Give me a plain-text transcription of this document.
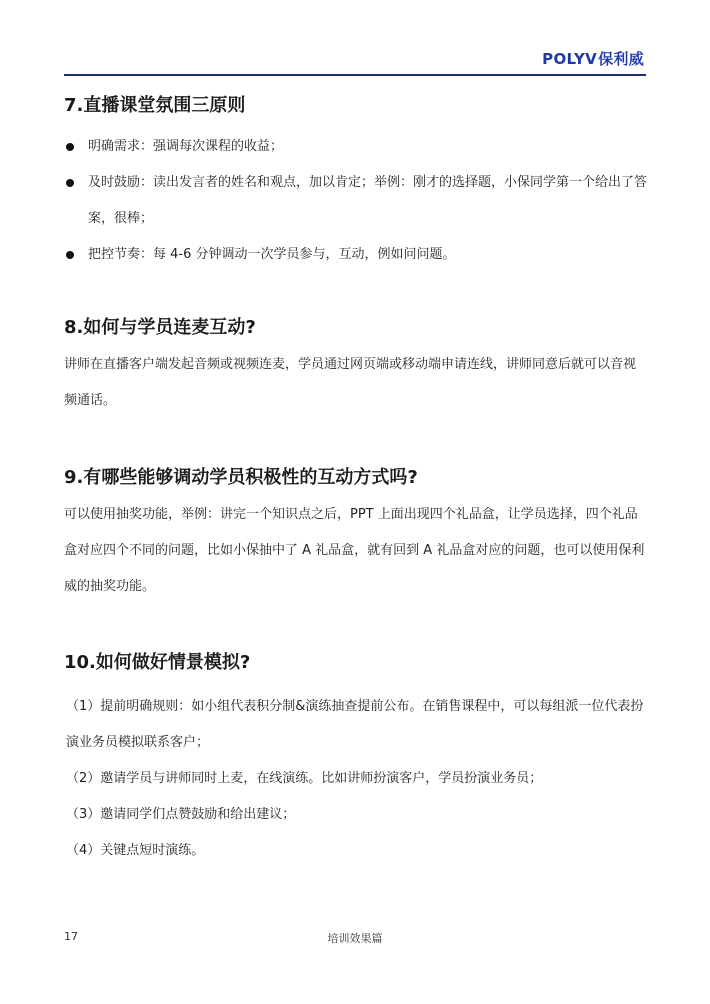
POLYV 保利威
7.直播课堂氛围三原则
明确需求：强调每次课程的收益；
及时鼓励：读出发言者的姓名和观点，加以肯定；举例：刚才的选择题，小保同学第一个给出了答案，很棒；
把控节奏：每 4-6 分钟调动一次学员参与，互动，例如问问题。
8.如何与学员连麦互动?

讲师在直播客户端发起音频或视频连麦，学员通过网页端或移动端申请连线，讲师同意后就可以音视频通话。

9.有哪些能够调动学员积极性的互动方式吗?

可以使用抽奖功能，举例：讲完一个知识点之后，PPT 上面出现四个礼品盒，让学员选择，四个礼品盒对应四个不同的问题，比如小保抽中了 A 礼品盒，就有回到 A 礼品盒对应的问题，也可以使用保利威的抽奖功能。

10.如何做好情景模拟?
（1）提前明确规则：如小组代表积分制&演练抽查提前公布。在销售课程中，可以每组派一位代表扮演业务员模拟联系客户；
（2）邀请学员与讲师同时上麦，在线演练。比如讲师扮演客户，学员扮演业务员；
（3）邀请同学们点赞鼓励和给出建议；
（4）关键点短时演练。
17	培训效果篇
